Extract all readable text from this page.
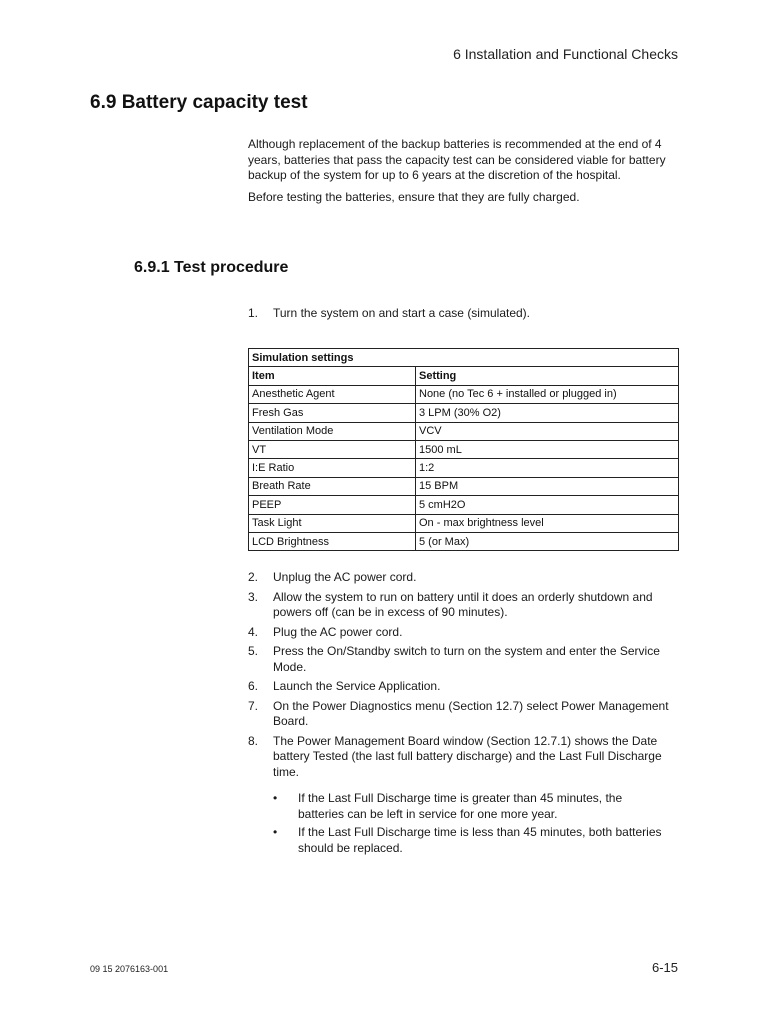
6 Installation and Functional Checks
6.9 Battery capacity test

Although replacement of the backup batteries is recommended at the end of 4 years, batteries that pass the capacity test can be considered viable for battery backup of the system for up to 6 years at the discretion of the hospital.

Before testing the batteries, ensure that they are fully charged.

6.9.1 Test procedure
1.	Turn the system on and start a case (simulated).
Simulation settings	
Item	Setting
Anesthetic Agent	None (no Tec 6 + installed or plugged in)
Fresh Gas	3 LPM (30% O2)
Ventilation Mode	VCV
VT	1500 mL
I:E Ratio	1:2
Breath Rate	15 BPM
PEEP	5 cmH2O
Task Light	On - max brightness level
LCD Brightness	5 (or Max)
2.	Unplug the AC power cord.
3.	Allow the system to run on battery until it does an orderly shutdown and powers off (can be in excess of 90 minutes).
4.	Plug the AC power cord.
5.	Press the On/Standby switch to turn on the system and enter the Service Mode.
6.	Launch the Service Application.
7.	On the Power Diagnostics menu (Section 12.7) select Power Management Board.
8.	The Power Management Board window (Section 12.7.1) shows the Date battery Tested (the last full battery discharge) and the Last Full Discharge time.
•	If the Last Full Discharge time is greater than 45 minutes, the batteries can be left in service for one more year.
•	If the Last Full Discharge time is less than 45 minutes, both batteries should be replaced.
09 15 2076163-001	6-15
